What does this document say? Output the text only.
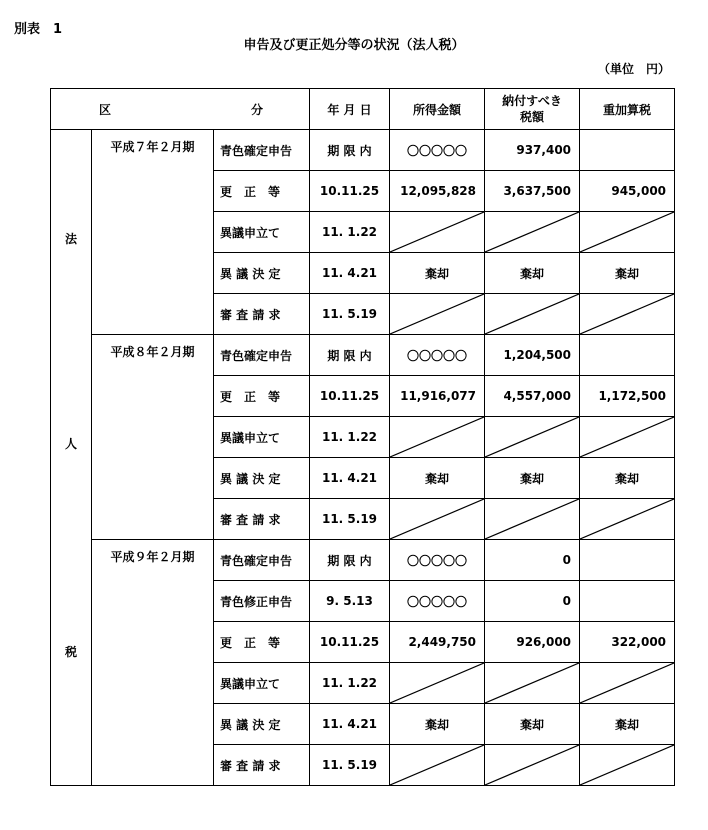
別表　1
申告及び更正処分等の状況（法人税）
（単位　円）
区 分			年 月 日	所得金額	納付すべき税額	重加算税

法
人
税	平成７年２月期	青色確定申告	期 限 内	〇〇〇〇〇	937,400	
		更　正　等	10.11.25	12,095,828	3,637,500	945,000
		異議申立て	11. 1.22	

		異 議 決 定	11. 4.21	棄却	棄却	棄却
		審 査 請 求	11. 5.19	

	平成８年２月期	青色確定申告	期 限 内	〇〇〇〇〇	1,204,500	
		更　正　等	10.11.25	11,916,077	4,557,000	1,172,500
		異議申立て	11. 1.22	

		異 議 決 定	11. 4.21	棄却	棄却	棄却
		審 査 請 求	11. 5.19	

	平成９年２月期	青色確定申告	期 限 内	〇〇〇〇〇	0	
		青色修正申告	9. 5.13	〇〇〇〇〇	0	
		更　正　等	10.11.25	2,449,750	926,000	322,000
		異議申立て	11. 1.22	

		異 議 決 定	11. 4.21	棄却	棄却	棄却
		審 査 請 求	11. 5.19	
